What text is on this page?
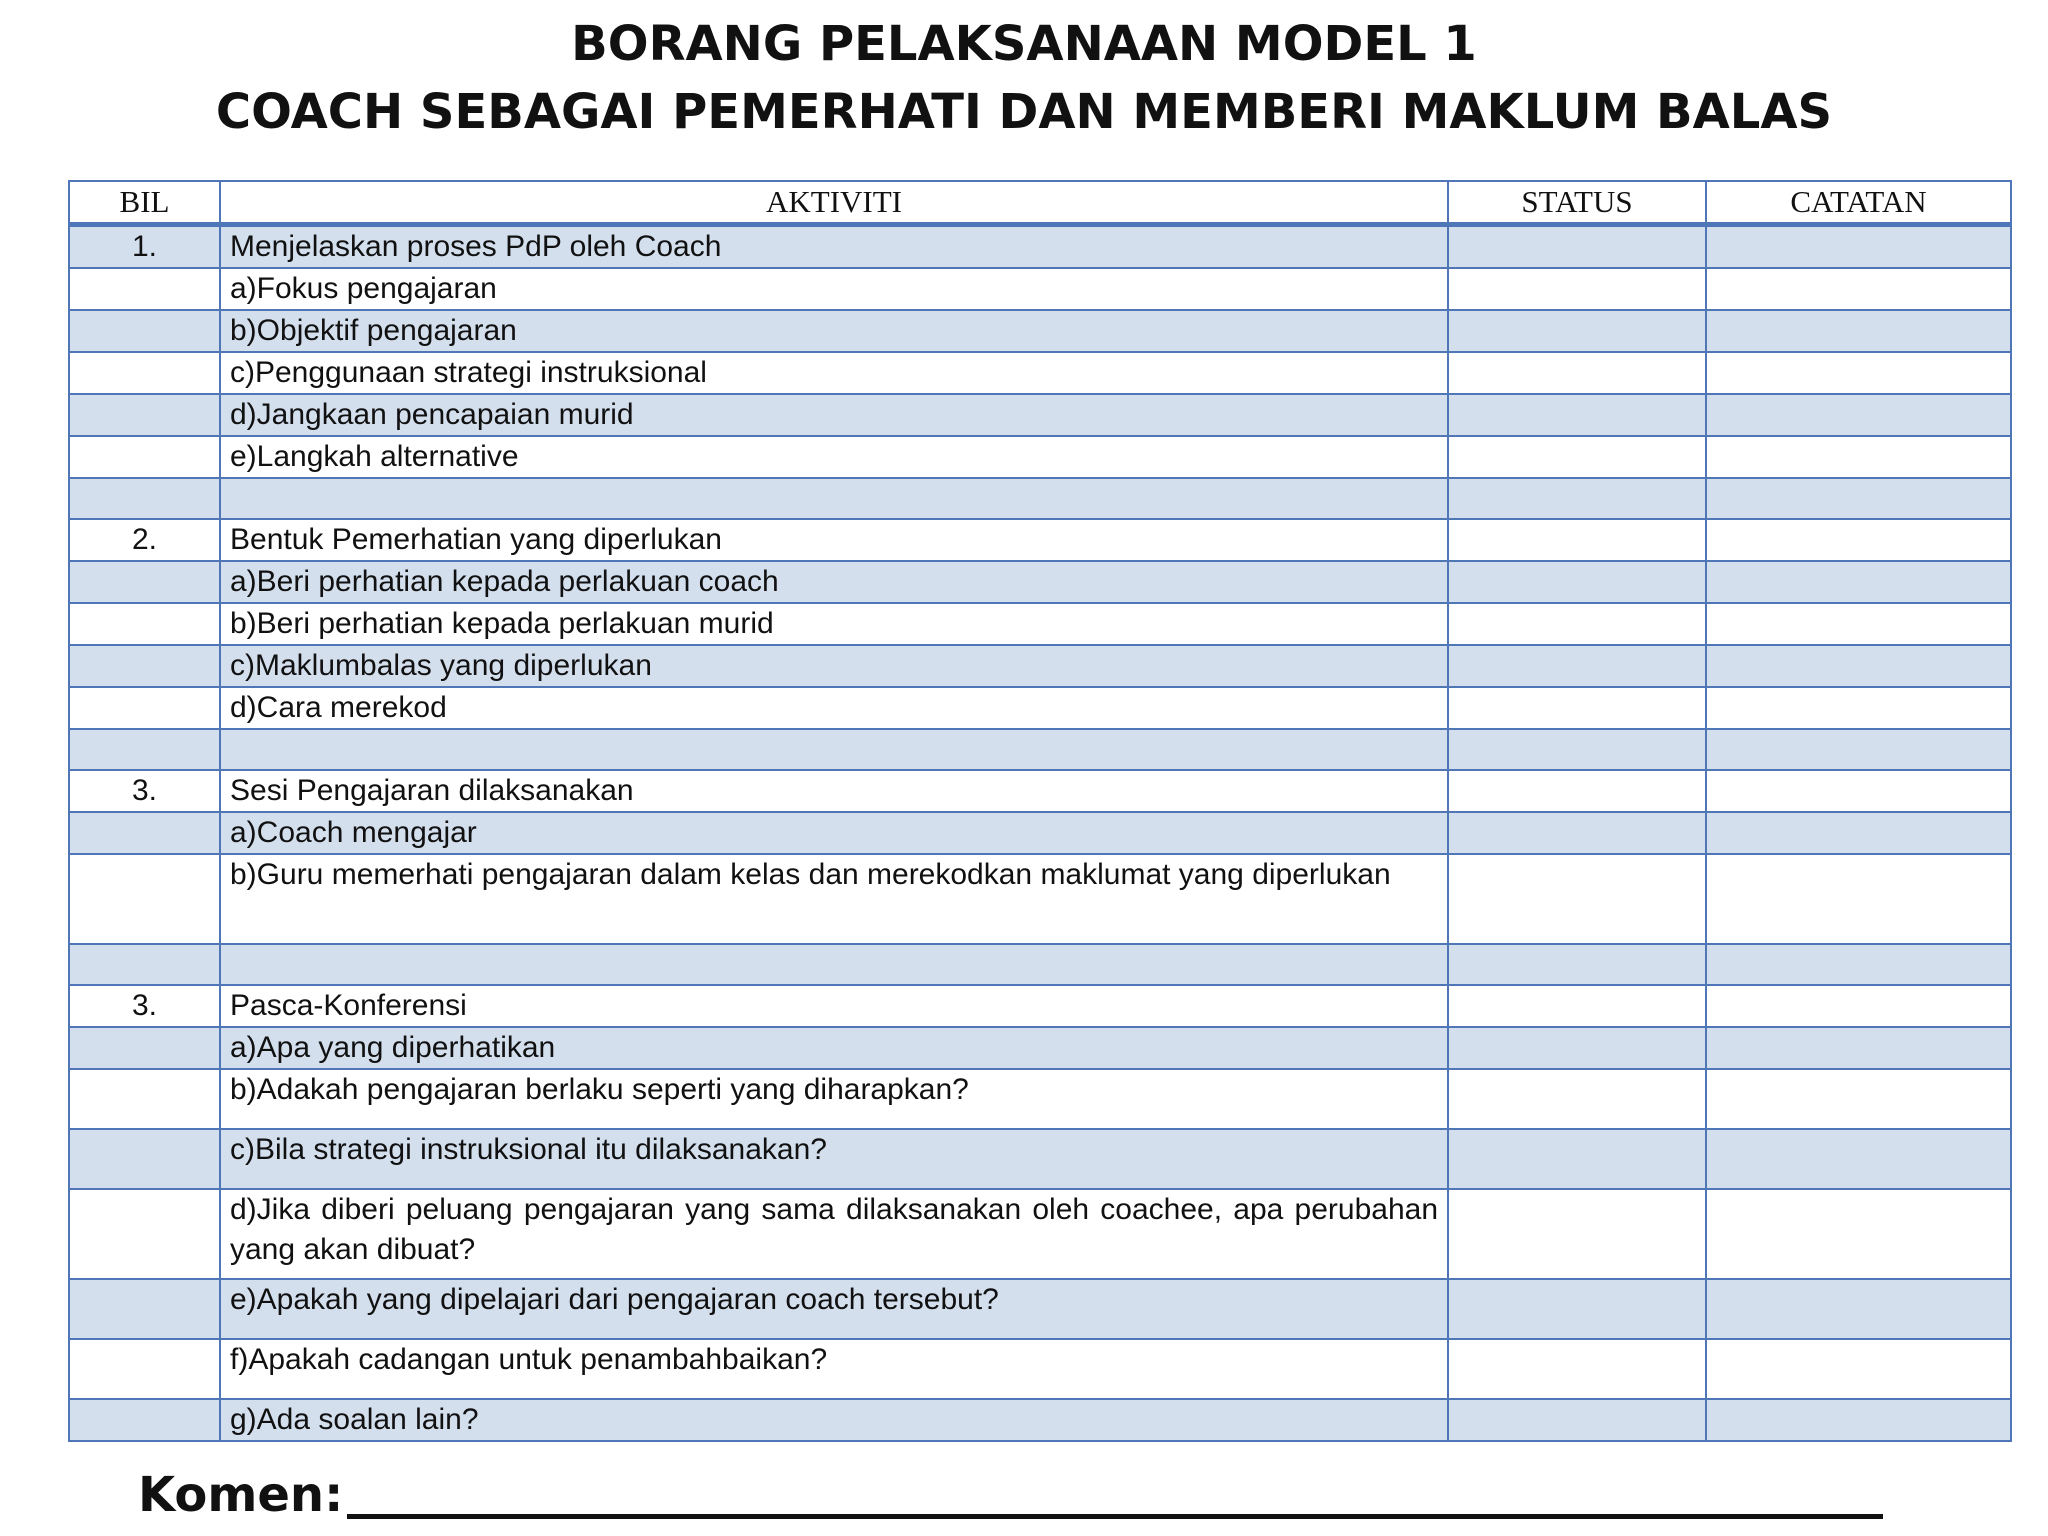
BORANG PELAKSANAAN MODEL 1
COACH SEBAGAI PEMERHATI DAN MEMBERI MAKLUM BALAS
BIL	AKTIVITI	STATUS	CATATAN
1.	Menjelaskan proses PdP oleh Coach		
	a)Fokus pengajaran		
	b)Objektif pengajaran		
	c)Penggunaan strategi instruksional		
	d)Jangkaan pencapaian murid		
	e)Langkah alternative		

2.	Bentuk Pemerhatian yang diperlukan		
	a)Beri perhatian kepada perlakuan coach		
	b)Beri perhatian kepada perlakuan murid		
	c)Maklumbalas yang diperlukan		
	d)Cara merekod		

3.	Sesi Pengajaran dilaksanakan		
	a)Coach mengajar		
	b)Guru memerhati pengajaran dalam kelas dan merekodkan maklumat yang diperlukan		

3.	Pasca-Konferensi		
	a)Apa yang diperhatikan		
	b)Adakah pengajaran berlaku seperti yang diharapkan?		
	c)Bila strategi instruksional itu dilaksanakan?		
	d)Jika diberi peluang pengajaran yang sama dilaksanakan oleh coachee, apa perubahan yang akan dibuat?		
	e)Apakah yang dipelajari dari pengajaran coach tersebut?		
	f)Apakah cadangan untuk penambahbaikan?		
	g)Ada soalan lain?		
Komen:
